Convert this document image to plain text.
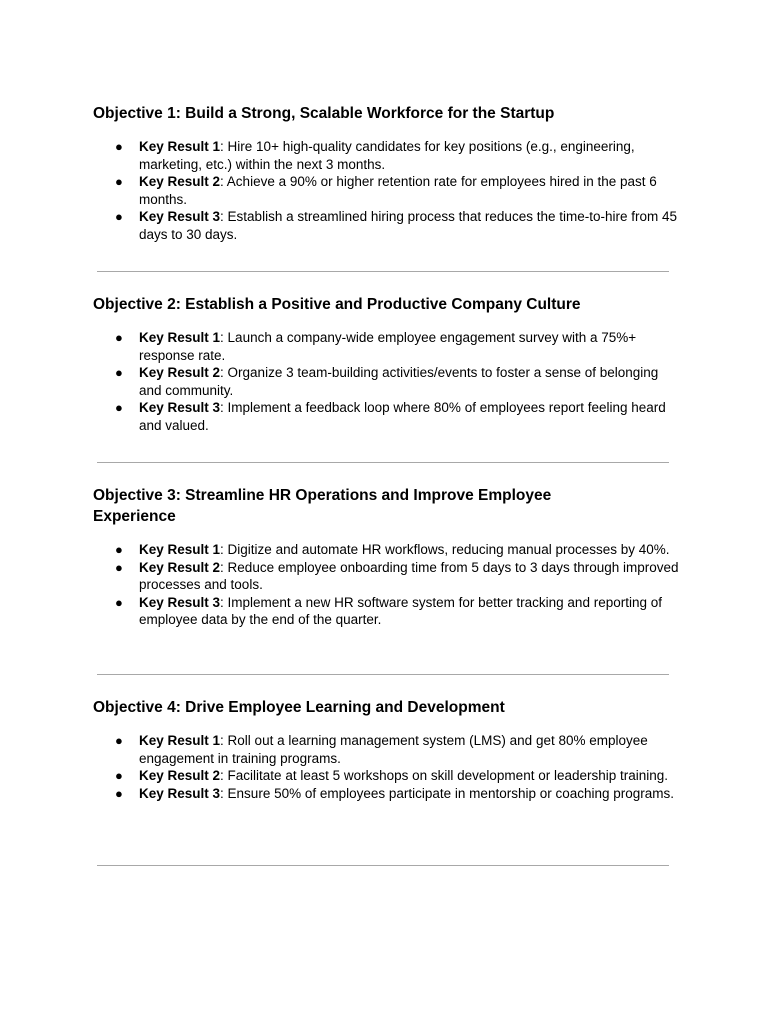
Objective 1: Build a Strong, Scalable Workforce for the Startup
● Key Result 1: Hire 10+ high-quality candidates for key positions (e.g., engineering, marketing, etc.) within the next 3 months.
● Key Result 2: Achieve a 90% or higher retention rate for employees hired in the past 6 months.
● Key Result 3: Establish a streamlined hiring process that reduces the time-to-hire from 45 days to 30 days.
Objective 2: Establish a Positive and Productive Company Culture
● Key Result 1: Launch a company-wide employee engagement survey with a 75%+ response rate.
● Key Result 2: Organize 3 team-building activities/events to foster a sense of belonging and community.
● Key Result 3: Implement a feedback loop where 80% of employees report feeling heard and valued.
Objective 3: Streamline HR Operations and Improve Employee Experience
● Key Result 1: Digitize and automate HR workflows, reducing manual processes by 40%.
● Key Result 2: Reduce employee onboarding time from 5 days to 3 days through improved processes and tools.
● Key Result 3: Implement a new HR software system for better tracking and reporting of employee data by the end of the quarter.
Objective 4: Drive Employee Learning and Development
● Key Result 1: Roll out a learning management system (LMS) and get 80% employee engagement in training programs.
● Key Result 2: Facilitate at least 5 workshops on skill development or leadership training.
● Key Result 3: Ensure 50% of employees participate in mentorship or coaching programs.
